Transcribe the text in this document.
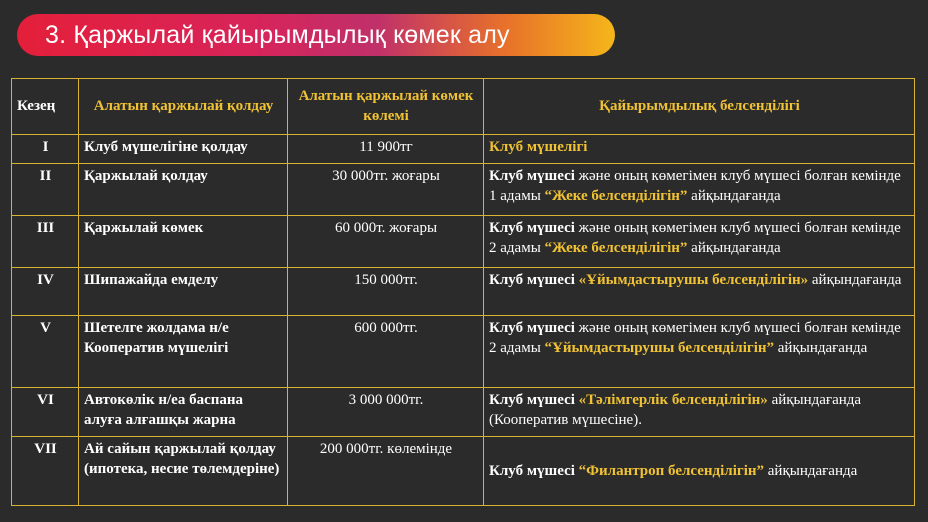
3. Қаржылай қайырымдылық көмек алу
Кезең	Алатын қаржылай қолдау	Алатын қаржылай көмек көлемі	Қайырымдылық белсенділігі
I	Клуб мүшелігіне қолдау	11 900тг	Клуб мүшелігі
II	Қаржылай қолдау	30 000тг. жоғары	Клуб мүшесі және оның көмегімен клуб мүшесі болған кемінде 1 адамы “Жеке белсенділігін” айқындағанда
III	Қаржылай көмек	60 000т. жоғары	Клуб мүшесі және оның көмегімен клуб мүшесі болған кемінде 2 адамы “Жеке белсенділігін” айқындағанда
IV	Шипажайда емделу	150 000тг.	Клуб мүшесі «Ұйымдастырушы белсенділігін» айқындағанда
V	Шетелге жолдама н/е Кооператив мүшелігі	600 000тг.	Клуб мүшесі және оның көмегімен клуб мүшесі болған кемінде 2 адамы “Ұйымдастырушы белсенділігін” айқындағанда
VI	Автокөлік н/еа баспана алуға алғашқы жарна	3 000 000тг.	Клуб мүшесі «Тәлімгерлік белсенділігін» айқындағанда (Кооператив мүшесіне).
VII	Ай сайын қаржылай қолдау (ипотека, несие төлемдеріне)	200 000тг. көлемінде	Клуб мүшесі “Филантроп белсенділігін” айқындағанда
